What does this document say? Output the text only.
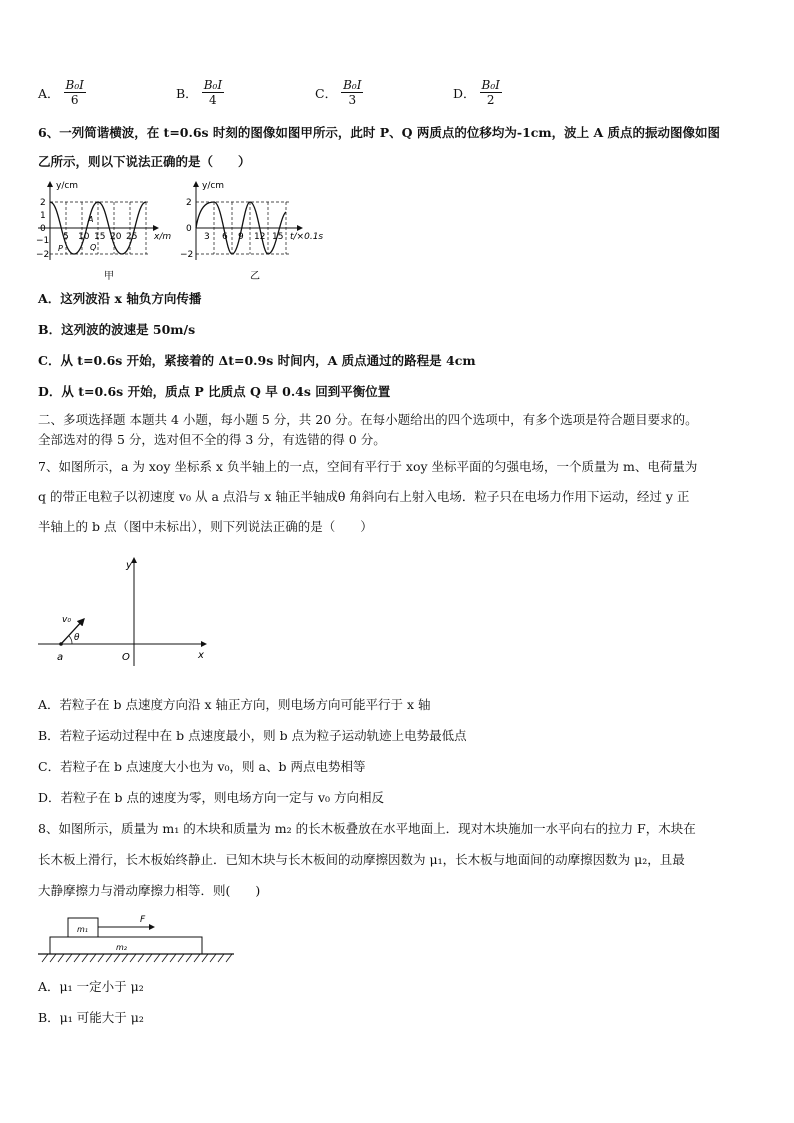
A． $\frac{\text{B₀I}}{6}$	B． $\frac{\text{B₀I}}{4}$	C． $\frac{\text{B₀I}}{3}$	D． $\frac{\text{B₀I}}{2}$
6、一列简谐横波，在 t=0.6s 时刻的图像如图甲所示，此时 P、Q 两质点的位移均为-1cm，波上 A 质点的振动图像如图
乙所示，则以下说法正确的是（　　）
y/cm
x/m
2
1
0
−1
−2
5 10 15 20 25
A
P	Q
甲
y/cm
t/×0.1s
2
0
−2
3 6 9 12 15
乙
A．这列波沿 x 轴负方向传播
B．这列波的波速是 50m/s
C．从 t=0.6s 开始，紧接着的 Δt=0.9s 时间内，A 质点通过的路程是 4cm
D．从 t=0.6s 开始，质点 P 比质点 Q 早 0.4s 回到平衡位置
二、多项选择题 本题共 4 小题，每小题 5 分，共 20 分。在每小题给出的四个选项中，有多个选项是符合题目要求的。
全部选对的得 5 分，选对但不全的得 3 分，有选错的得 0 分。
7、如图所示，a 为 xoy 坐标系 x 负半轴上的一点，空间有平行于 xoy 坐标平面的匀强电场，一个质量为 m、电荷量为
q 的带正电粒子以初速度 v₀ 从 a 点沿与 x 轴正半轴成θ 角斜向右上射入电场．粒子只在电场力作用下运动，经过 y 正
半轴上的 b 点（图中未标出），则下列说法正确的是（　　）
y
x
O
a
v₀
θ
A．若粒子在 b 点速度方向沿 x 轴正方向，则电场方向可能平行于 x 轴
B．若粒子运动过程中在 b 点速度最小，则 b 点为粒子运动轨迹上电势最低点
C．若粒子在 b 点速度大小也为 v₀，则 a、b 两点电势相等
D．若粒子在 b 点的速度为零，则电场方向一定与 v₀ 方向相反
8、如图所示，质量为 m₁ 的木块和质量为 m₂ 的长木板叠放在水平地面上．现对木块施加一水平向右的拉力 F，木块在
长木板上滑行，长木板始终静止．已知木块与长木板间的动摩擦因数为 μ₁，长木板与地面间的动摩擦因数为 μ₂，且最
大静摩擦力与滑动摩擦力相等．则(　　)
m₁
m₂
F
A．μ₁ 一定小于 μ₂
B．μ₁ 可能大于 μ₂
